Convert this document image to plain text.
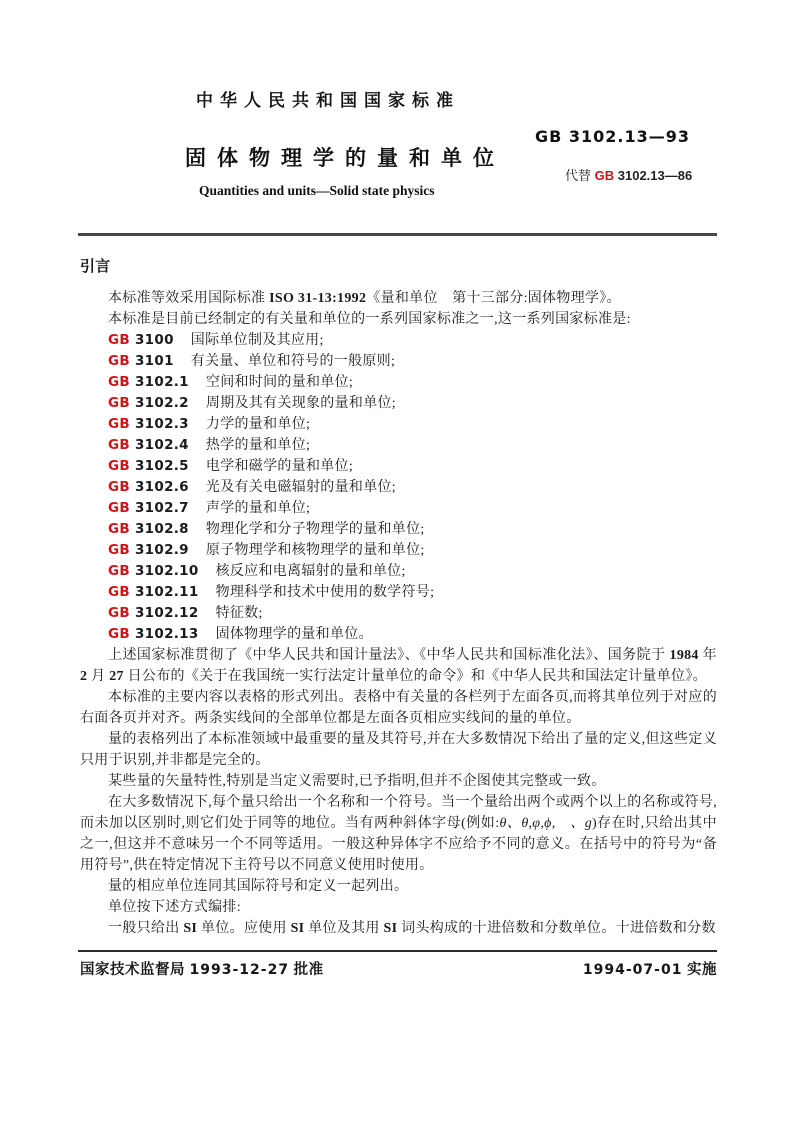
中华人民共和国国家标准
GB 3102.13—93
固体物理学的量和单位
代替 GB 3102.13—86
Quantities and units—Solid state physics
引言

本标准等效采用国际标准 ISO 31-13:1992《量和单位　第十三部分:固体物理学》。

本标准是目前已经制定的有关量和单位的一系列国家标准之一,这一系列国家标准是:

GB 3100 国际单位制及其应用;
GB 3101 有关量、单位和符号的一般原则;
GB 3102.1 空间和时间的量和单位;
GB 3102.2 周期及其有关现象的量和单位;
GB 3102.3 力学的量和单位;
GB 3102.4 热学的量和单位;
GB 3102.5 电学和磁学的量和单位;
GB 3102.6 光及有关电磁辐射的量和单位;
GB 3102.7 声学的量和单位;
GB 3102.8 物理化学和分子物理学的量和单位;
GB 3102.9 原子物理学和核物理学的量和单位;
GB 3102.10 核反应和电离辐射的量和单位;
GB 3102.11 物理科学和技术中使用的数学符号;
GB 3102.12 特征数;
GB 3102.13 固体物理学的量和单位。

上述国家标准贯彻了《中华人民共和国计量法》、《中华人民共和国标准化法》、国务院于 1984 年 2 月 27 日公布的《关于在我国统一实行法定计量单位的命令》和《中华人民共和国法定计量单位》。

本标准的主要内容以表格的形式列出。表格中有关量的各栏列于左面各页,而将其单位列于对应的右面各页并对齐。两条实线间的全部单位都是左面各页相应实线间的量的单位。

量的表格列出了本标准领域中最重要的量及其符号,并在大多数情况下给出了量的定义,但这些定义只用于识别,并非都是完全的。

某些量的矢量特性,特别是当定义需要时,已予指明,但并不企图使其完整或一致。

在大多数情况下,每个量只给出一个名称和一个符号。当一个量给出两个或两个以上的名称或符号,而未加以区别时,则它们处于同等的地位。当有两种斜体字母(例如:θ、θ,φ,ϕ,　、g)存在时,只给出其中之一,但这并不意味另一个不同等适用。一般这种异体字不应给予不同的意义。在括号中的符号为“备用符号”,供在特定情况下主符号以不同意义使用时使用。

量的相应单位连同其国际符号和定义一起列出。

单位按下述方式编排:

一般只给出 SI 单位。应使用 SI 单位及其用 SI 词头构成的十进倍数和分数单位。十进倍数和分数

国家技术监督局 1993-12-27 批准	1994-07-01 实施
